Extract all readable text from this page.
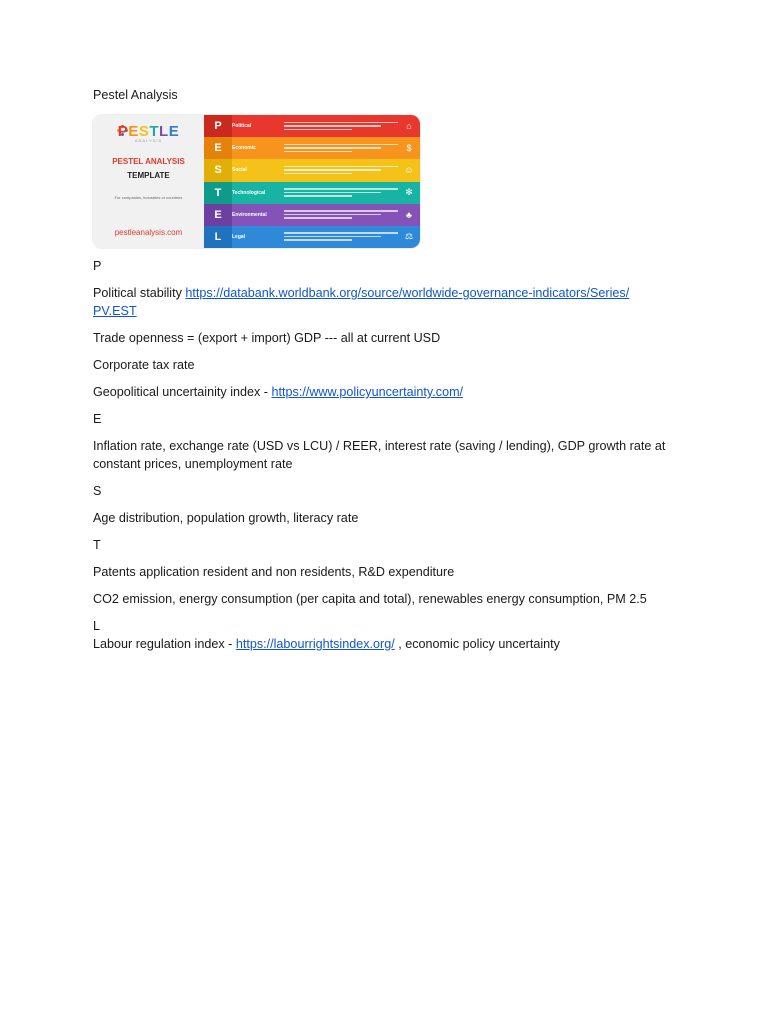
Pestel Analysis

PESTLE
ANALYSIS
PESTEL ANALYSIS
TEMPLATE
For companies, industries or countries
pestleanalysis.com
P	Political	⌂
E	Economic	$
S	Social	☺
T	Technological	✻
E	Environmental	♣
L	Legal	⚖

P

Political stability https://databank.worldbank.org/source/worldwide-governance-indicators/Series/
PV.EST

Trade openness = (export + import) GDP --- all at current USD

Corporate tax rate

Geopolitical uncertainity index - https://www.policyuncertainty.com/

E

Inflation rate, exchange rate (USD vs LCU) / REER, interest rate (saving / lending), GDP growth rate at
constant prices, unemployment rate

S

Age distribution, population growth, literacy rate

T

Patents application resident and non residents, R&D expenditure

CO2 emission, energy consumption (per capita and total), renewables energy consumption, PM 2.5

L

Labour regulation index - https://labourrightsindex.org/ , economic policy uncertainty
